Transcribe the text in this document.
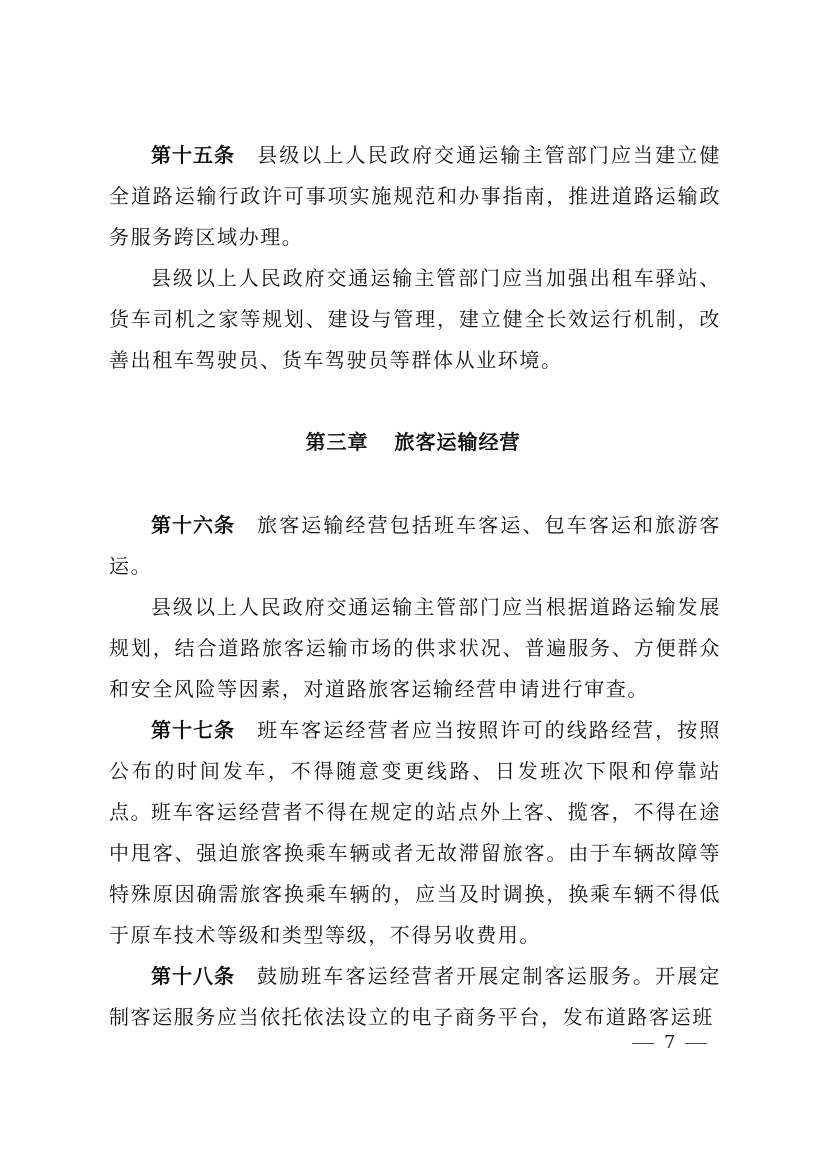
第十五条 县级以上人民政府交通运输主管部门应当建立健全道路运输行政许可事项实施规范和办事指南，推进道路运输政务服务跨区域办理。

县级以上人民政府交通运输主管部门应当加强出租车驿站、货车司机之家等规划、建设与管理，建立健全长效运行机制，改善出租车驾驶员、货车驾驶员等群体从业环境。

第三章 旅客运输经营

第十六条 旅客运输经营包括班车客运、包车客运和旅游客运。

县级以上人民政府交通运输主管部门应当根据道路运输发展规划，结合道路旅客运输市场的供求状况、普遍服务、方便群众和安全风险等因素，对道路旅客运输经营申请进行审查。

第十七条 班车客运经营者应当按照许可的线路经营，按照公布的时间发车，不得随意变更线路、日发班次下限和停靠站点。

班车客运经营者不得在规定的站点外上客、揽客，不得在途中甩客、强迫旅客换乘车辆或者无故滞留旅客。由于车辆故障等特殊原因确需旅客换乘车辆的，应当及时调换，换乘车辆不得低于原车技术等级和类型等级，不得另收费用。

第十八条 鼓励班车客运经营者开展定制客运服务。开展定制客运服务应当依托依法设立的电子商务平台，发布道路客运班

7
